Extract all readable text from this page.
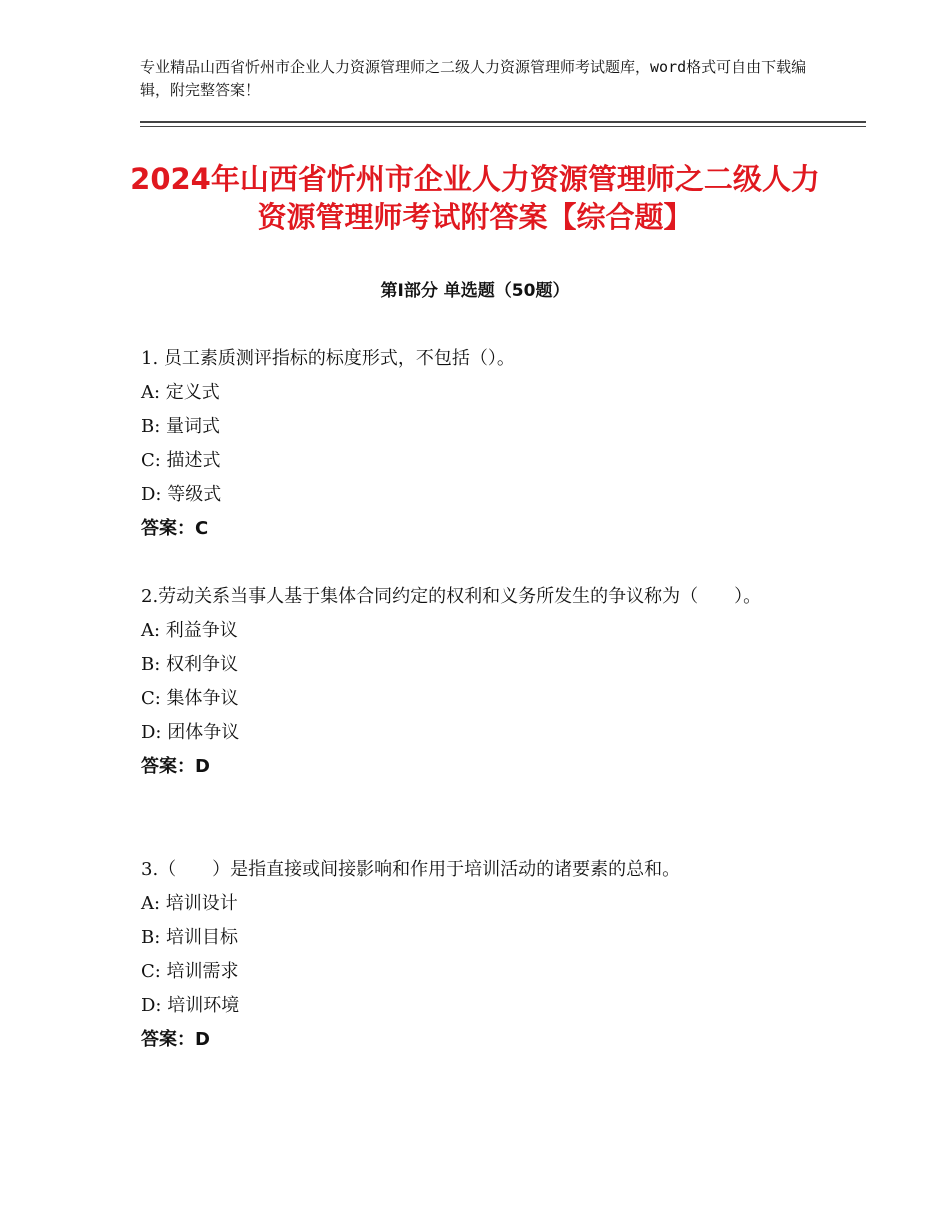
专业精品山西省忻州市企业人力资源管理师之二级人力资源管理师考试题库，word格式可自由下载编辑，附完整答案！
2024年山西省忻州市企业人力资源管理师之二级人力资源管理师考试附答案【综合题】
第Ⅰ部分 单选题（50题）
1. 员工素质测评指标的标度形式，不包括（）。
A: 定义式
B: 量词式
C: 描述式
D: 等级式
答案：C
2.劳动关系当事人基于集体合同约定的权利和义务所发生的争议称为（　　）。
A: 利益争议
B: 权利争议
C: 集体争议
D: 团体争议
答案：D
3.（　　）是指直接或间接影响和作用于培训活动的诸要素的总和。
A: 培训设计
B: 培训目标
C: 培训需求
D: 培训环境
答案：D
